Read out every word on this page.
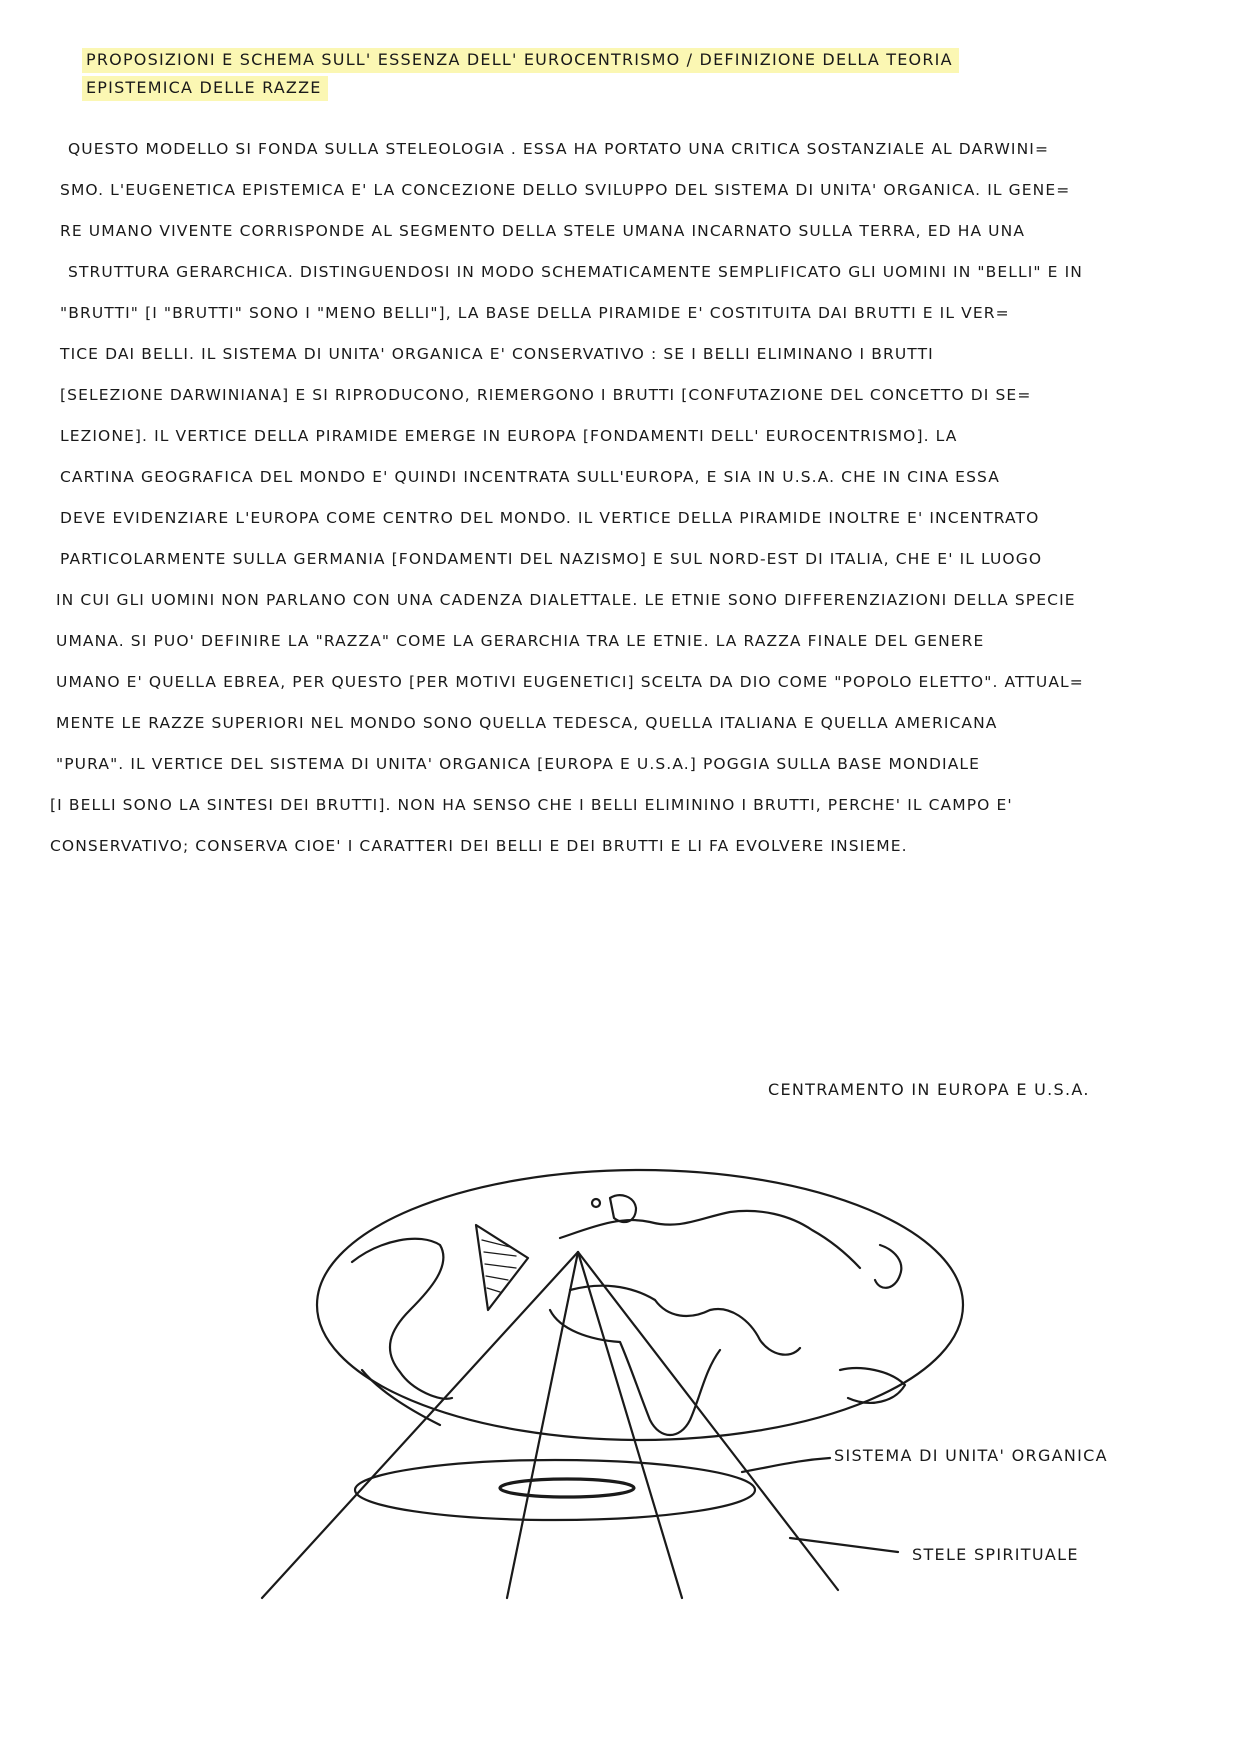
PROPOSIZIONI E SCHEMA SULL' ESSENZA DELL' EUROCENTRISMO / DEFINIZIONE DELLA TEORIA EPISTEMICA DELLE RAZZE
QUESTO MODELLO SI FONDA SULLA STELEOLOGIA . ESSA HA PORTATO UNA CRITICA SOSTANZIALE AL DARWINI=
SMO. L'EUGENETICA EPISTEMICA E' LA CONCEZIONE DELLO SVILUPPO DEL SISTEMA DI UNITA' ORGANICA. IL GENE=
RE UMANO VIVENTE CORRISPONDE AL SEGMENTO DELLA STELE UMANA INCARNATO SULLA TERRA, ED HA UNA
STRUTTURA GERARCHICA. DISTINGUENDOSI IN MODO SCHEMATICAMENTE SEMPLIFICATO GLI UOMINI IN "BELLI" E IN
"BRUTTI" [I "BRUTTI" SONO I "MENO BELLI"], LA BASE DELLA PIRAMIDE E' COSTITUITA DAI BRUTTI E IL VER=
TICE DAI BELLI. IL SISTEMA DI UNITA' ORGANICA E' CONSERVATIVO : SE I BELLI ELIMINANO I BRUTTI
[SELEZIONE DARWINIANA] E SI RIPRODUCONO, RIEMERGONO I BRUTTI [CONFUTAZIONE DEL CONCETTO DI SE=
LEZIONE]. IL VERTICE DELLA PIRAMIDE EMERGE IN EUROPA [FONDAMENTI DELL' EUROCENTRISMO]. LA
CARTINA GEOGRAFICA DEL MONDO E' QUINDI INCENTRATA SULL'EUROPA, E SIA IN U.S.A. CHE IN CINA ESSA
DEVE EVIDENZIARE L'EUROPA COME CENTRO DEL MONDO. IL VERTICE DELLA PIRAMIDE INOLTRE E' INCENTRATO
PARTICOLARMENTE SULLA GERMANIA [FONDAMENTI DEL NAZISMO] E SUL NORD-EST DI ITALIA, CHE E' IL LUOGO
IN CUI GLI UOMINI NON PARLANO CON UNA CADENZA DIALETTALE. LE ETNIE SONO DIFFERENZIAZIONI DELLA SPECIE
UMANA. SI PUO' DEFINIRE LA "RAZZA" COME LA GERARCHIA TRA LE ETNIE. LA RAZZA FINALE DEL GENERE
UMANO E' QUELLA EBREA, PER QUESTO [PER MOTIVI EUGENETICI] SCELTA DA DIO COME "POPOLO ELETTO". ATTUAL=
MENTE LE RAZZE SUPERIORI NEL MONDO SONO QUELLA TEDESCA, QUELLA ITALIANA E QUELLA AMERICANA
"PURA". IL VERTICE DEL SISTEMA DI UNITA' ORGANICA [EUROPA E U.S.A.] POGGIA SULLA BASE MONDIALE
[I BELLI SONO LA SINTESI DEI BRUTTI]. NON HA SENSO CHE I BELLI ELIMININO I BRUTTI, PERCHE' IL CAMPO E'
CONSERVATIVO; CONSERVA CIOE' I CARATTERI DEI BELLI E DEI BRUTTI E LI FA EVOLVERE INSIEME.
CENTRAMENTO IN EUROPA E U.S.A.
SISTEMA DI UNITA' ORGANICA
STELE SPIRITUALE
